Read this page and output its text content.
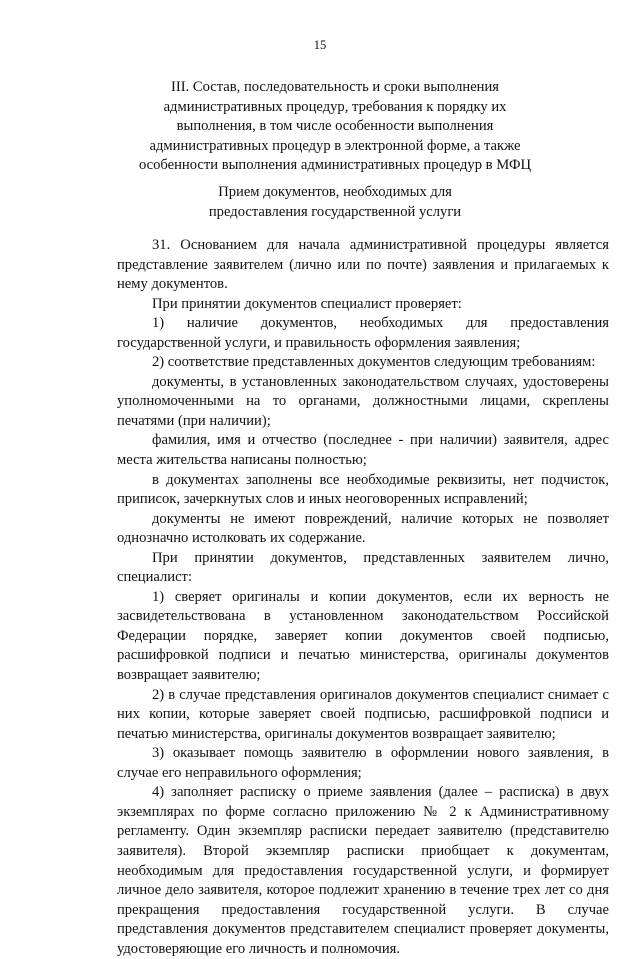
15
III. Состав, последовательность и сроки выполнения
административных процедур, требования к порядку их
выполнения, в том числе особенности выполнения
административных процедур в электронной форме, а также
особенности выполнения административных процедур в МФЦ
Прием документов, необходимых для
предоставления государственной услуги

31. Основанием для начала административной процедуры является представление заявителем (лично или по почте) заявления и прилагаемых к нему документов.

При принятии документов специалист проверяет:

1) наличие документов, необходимых для предоставления государственной услуги, и правильность оформления заявления;

2) соответствие представленных документов следующим требованиям:

документы, в установленных законодательством случаях, удостоверены уполномоченными на то органами, должностными лицами, скреплены печатями (при наличии);

фамилия, имя и отчество (последнее - при наличии) заявителя, адрес места жительства написаны полностью;

в документах заполнены все необходимые реквизиты, нет подчисток, приписок, зачеркнутых слов и иных неоговоренных исправлений;

документы не имеют повреждений, наличие которых не позволяет однозначно истолковать их содержание.

При принятии документов, представленных заявителем лично, специалист:

1) сверяет оригиналы и копии документов, если их верность не засвидетельствована в установленном законодательством Российской Федерации порядке, заверяет копии документов своей подписью, расшифровкой подписи и печатью министерства, оригиналы документов возвращает заявителю;

2) в случае представления оригиналов документов специалист снимает с них копии, которые заверяет своей подписью, расшифровкой подписи и печатью министерства, оригиналы документов возвращает заявителю;

3) оказывает помощь заявителю в оформлении нового заявления, в случае его неправильного оформления;

4) заполняет расписку о приеме заявления (далее – расписка) в двух экземплярах по форме согласно приложению № 2 к Административному регламенту. Один экземпляр расписки передает заявителю (представителю заявителя). Второй экземпляр расписки приобщает к документам, необходимым для предоставления государственной услуги, и формирует личное дело заявителя, которое подлежит хранению в течение трех лет со дня прекращения предоставления государственной услуги. В случае представления документов представителем специалист проверяет документы, удостоверяющие его личность и полномочия.
